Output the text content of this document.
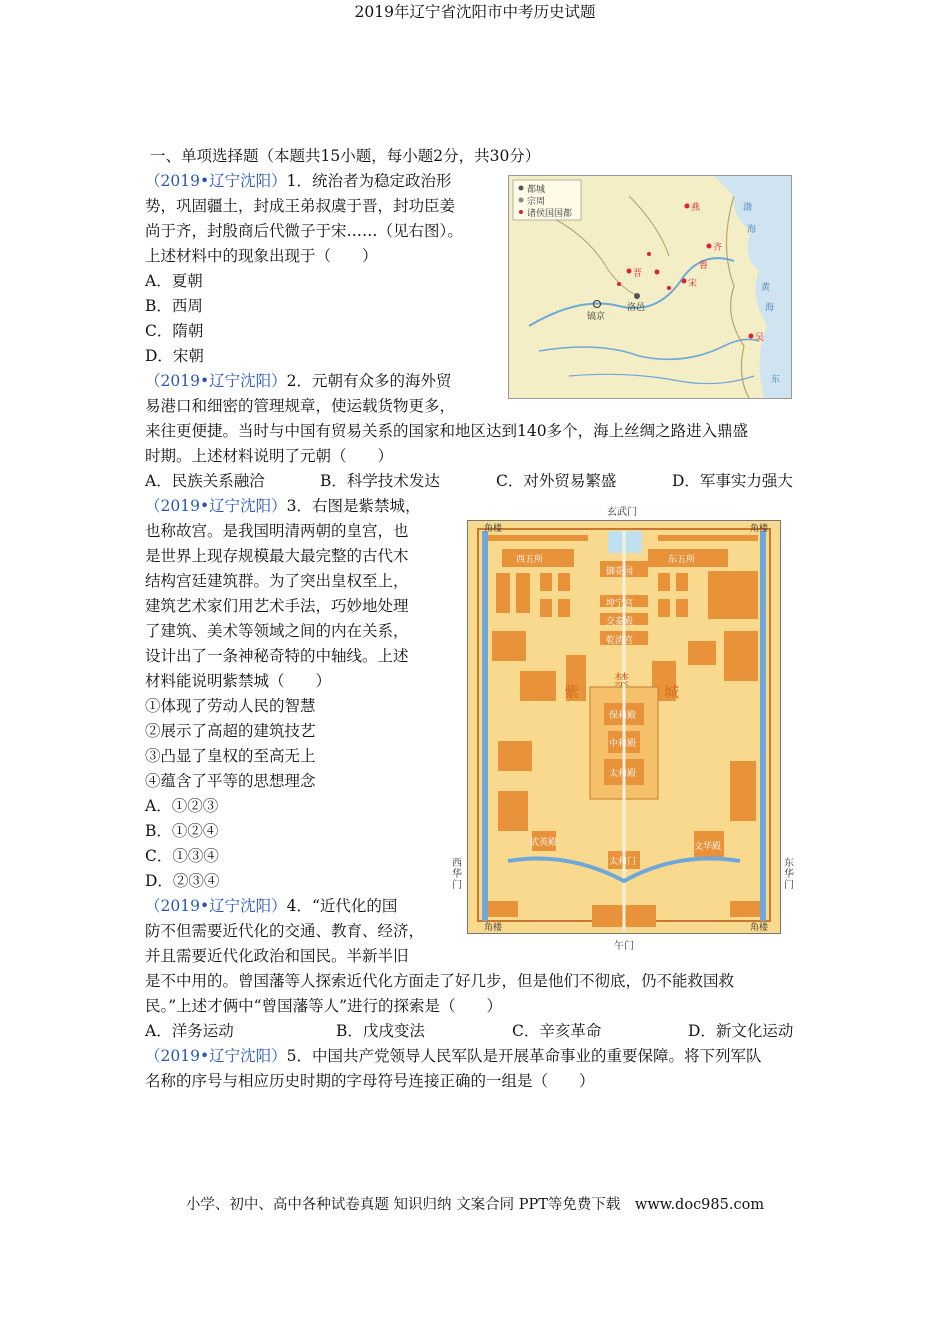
2019年辽宁省沈阳市中考历史试题
一、单项选择题（本题共15小题，每小题2分，共30分）
（2019•辽宁沈阳）1．统治者为稳定政治形
势，巩固疆土，封成王弟叔虞于晋，封功臣姜
尚于齐，封殷商后代微子于宋……（见右图）。
上述材料中的现象出现于（　　）
A．夏朝
B．西周
C．隋朝
D．宋朝
都城
宗周
诸侯国国都
镐京
洛邑
晋
齐
宋
燕
鲁
吴
渤
海
黄
海
东
（2019•辽宁沈阳）2．元朝有众多的海外贸
易港口和细密的管理规章，使运载货物更多，
来往更便捷。当时与中国有贸易关系的国家和地区达到140多个，海上丝绸之路进入鼎盛
时期。上述材料说明了元朝（　　）
A．民族关系融洽	B．科学技术发达	C．对外贸易繁盛	D．军事实力强大
（2019•辽宁沈阳）3．右图是紫禁城，
也称故宫。是我国明清两朝的皇宫，也
是世界上现存规模最大最完整的古代木
结构宫廷建筑群。为了突出皇权至上，
建筑艺术家们用艺术手法，巧妙地处理
了建筑、美术等领域之间的内在关系，
设计出了一条神秘奇特的中轴线。上述
材料能说明紫禁城（　　）
①体现了劳动人民的智慧
②展示了高超的建筑技艺
③凸显了皇权的至高无上
④蕴含了平等的思想理念
A．①②③
B．①②④
C．①③④
D．②③④
玄武门
午门
西华门
东华门
角楼	角楼
角楼	角楼
西五所	东五所
御花园
坤宁宫
交泰殿
乾清宫
紫
禁
城
保和殿
中和殿
太和殿
武英殿	文华殿
太和门
（2019•辽宁沈阳）4．“近代化的国
防不但需要近代化的交通、教育、经济，
并且需要近代化政治和国民。半新半旧
是不中用的。曾国藩等人探索近代化方面走了好几步，但是他们不彻底，仍不能救国救
民。”上述才俩中“曾国藩等人”进行的探索是（　　）
A．洋务运动	B．戊戌变法	C．辛亥革命	D．新文化运动
（2019•辽宁沈阳）5．中国共产党领导人民军队是开展革命事业的重要保障。将下列军队
名称的序号与相应历史时期的字母符号连接正确的一组是（　　）
小学、初中、高中各种试卷真题 知识归纳 文案合同 PPT等免费下载　www.doc985.com
